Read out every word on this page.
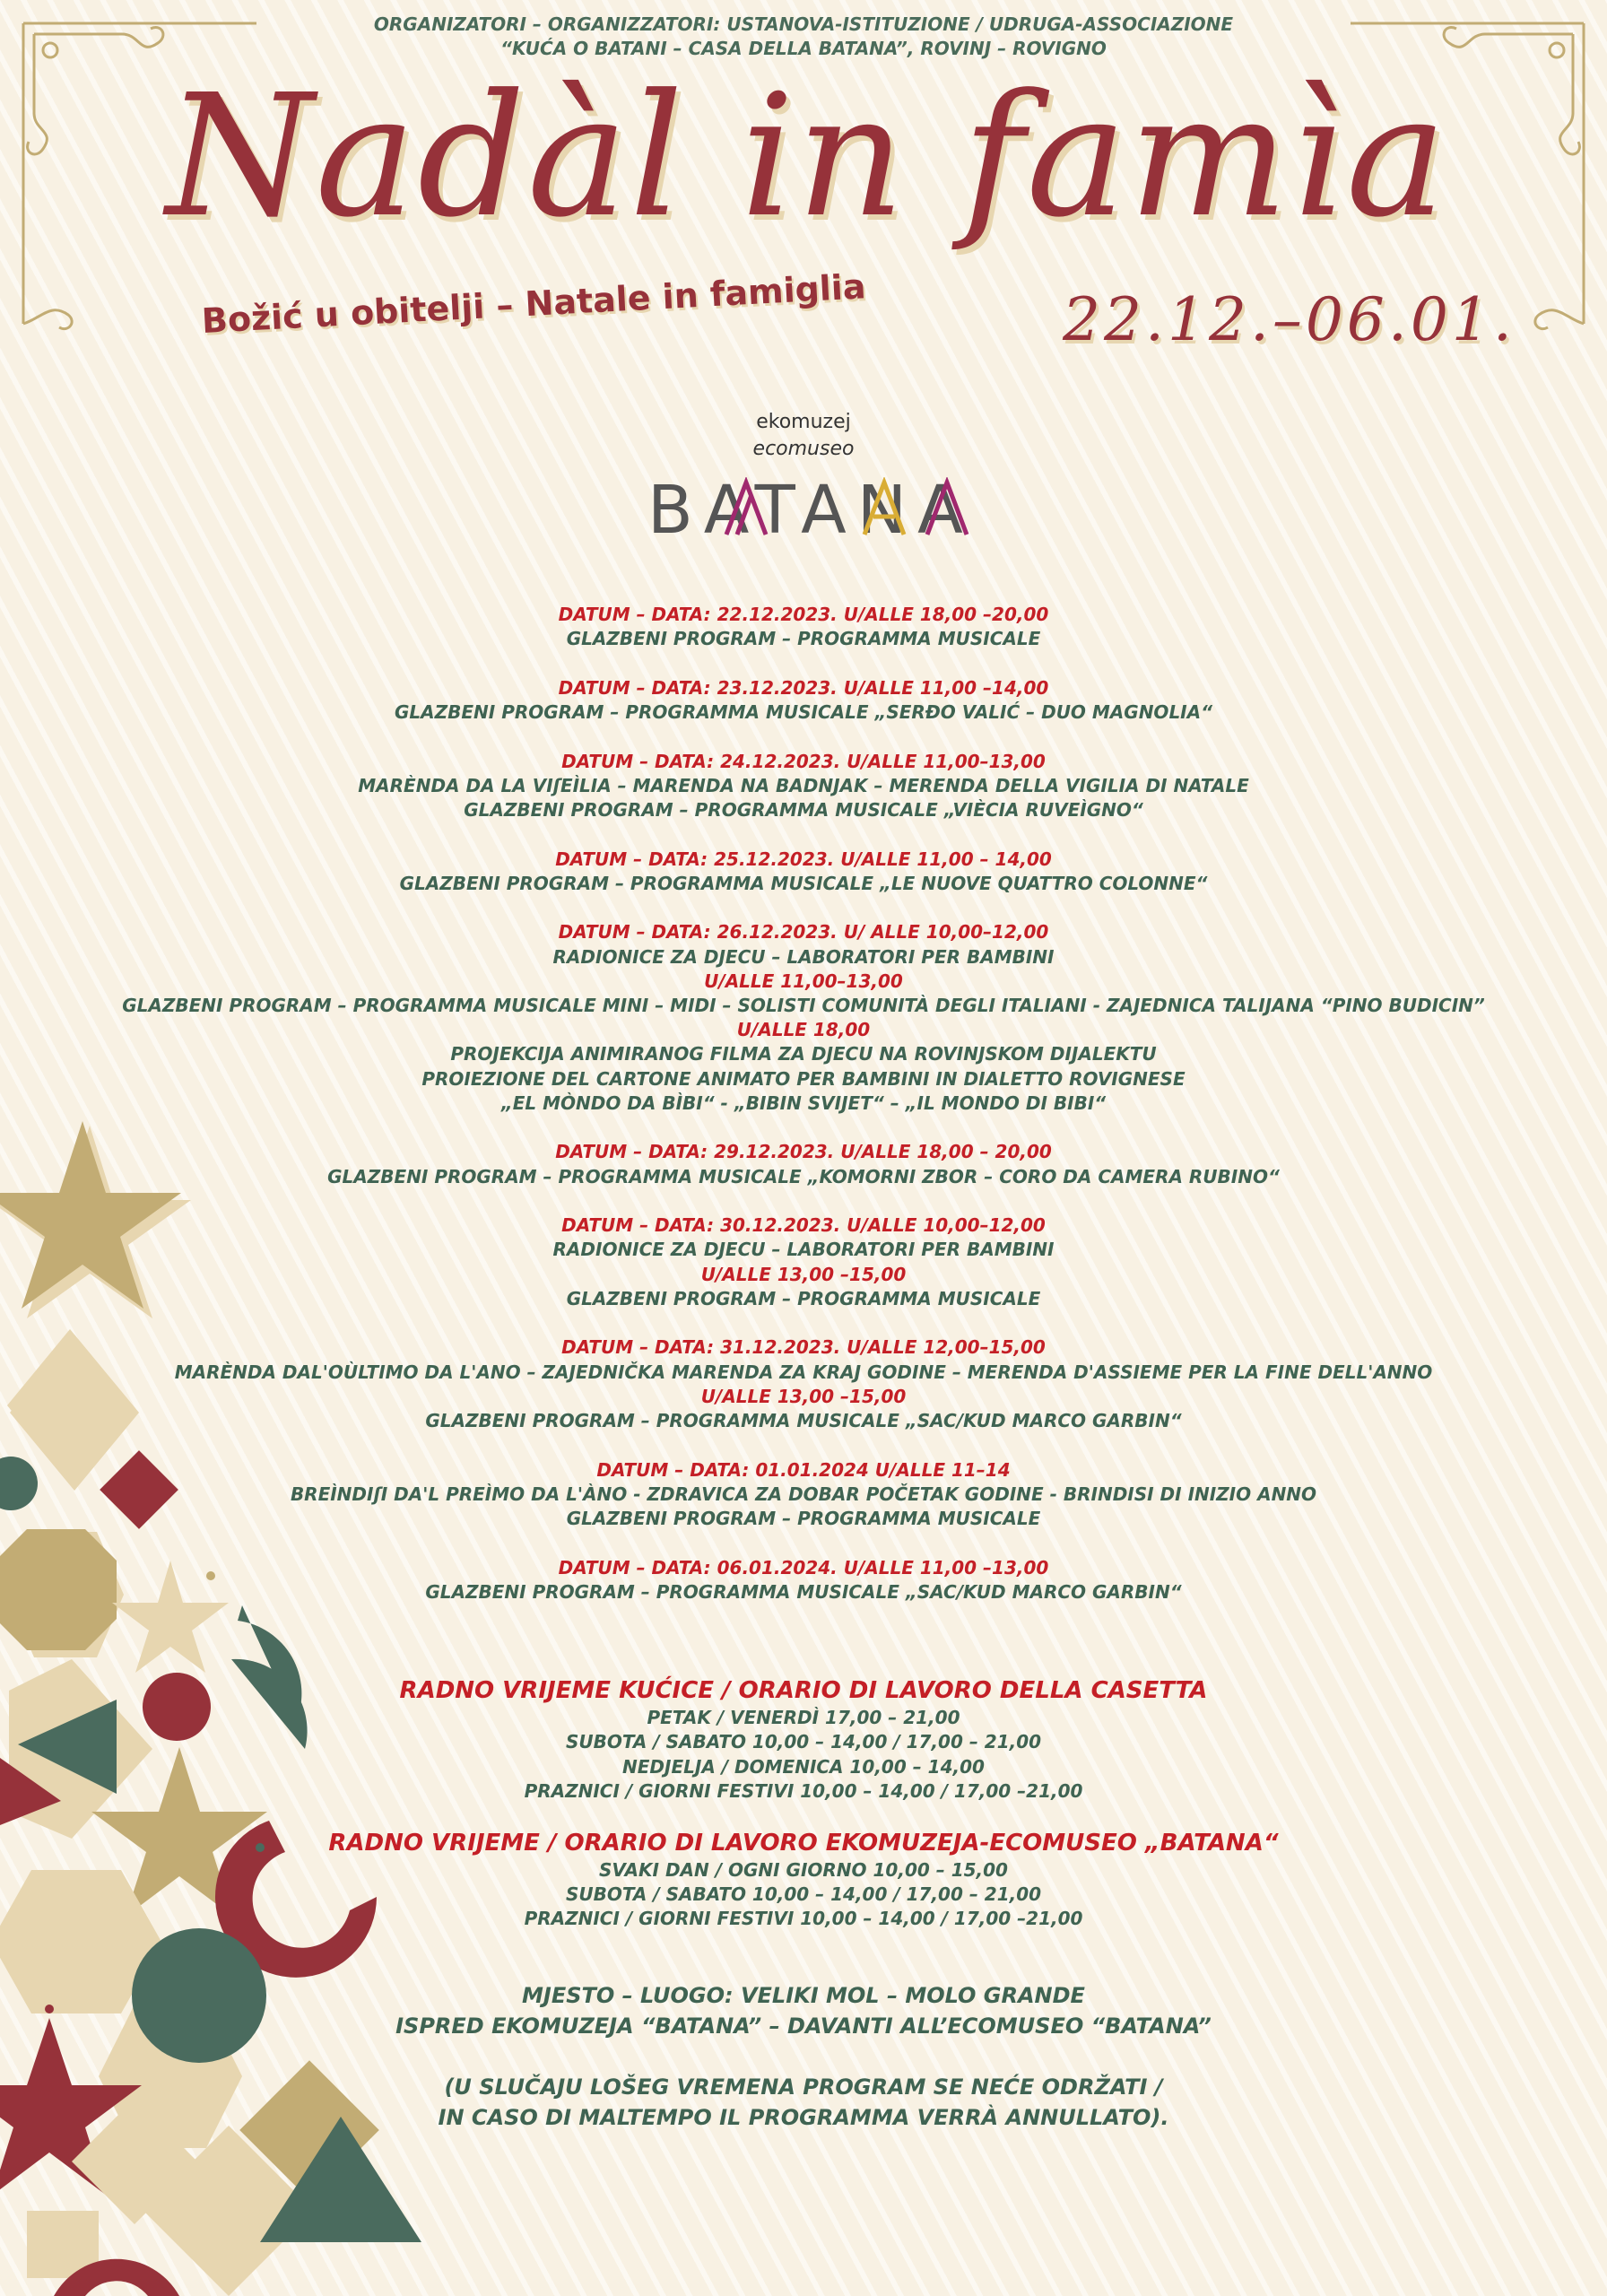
ORGANIZATORI – ORGANIZZATORI: USTANOVA-ISTITUZIONE / UDRUGA-ASSOCIAZIONE
“KUĆA O BATANI – CASA DELLA BATANA”, ROVINJ – ROVIGNO
Nadàl in famìa
Božić u obitelji – Natale in famiglia	22.12.–06.01.
ekomuzej
ecomuseo
BATANA
DATUM – DATA: 22.12.2023. U/ALLE 18,00 –20,00
GLAZBENI PROGRAM – PROGRAMMA MUSICALE
DATUM – DATA: 23.12.2023. U/ALLE 11,00 –14,00
GLAZBENI PROGRAM – PROGRAMMA MUSICALE „SERĐO VALIĆ – DUO MAGNOLIA“
DATUM – DATA: 24.12.2023. U/ALLE 11,00–13,00
MARÈNDA DA LA VIʃEÌLIA – MARENDA NA BADNJAK – MERENDA DELLA VIGILIA DI NATALE
GLAZBENI PROGRAM – PROGRAMMA MUSICALE „VIÈCIA RUVEÌGNO“
DATUM – DATA: 25.12.2023. U/ALLE 11,00 – 14,00
GLAZBENI PROGRAM – PROGRAMMA MUSICALE „LE NUOVE QUATTRO COLONNE“
DATUM – DATA: 26.12.2023. U/ ALLE 10,00–12,00
RADIONICE ZA DJECU – LABORATORI PER BAMBINI
U/ALLE 11,00–13,00
GLAZBENI PROGRAM – PROGRAMMA MUSICALE MINI – MIDI – SOLISTI COMUNITÀ DEGLI ITALIANI - ZAJEDNICA TALIJANA “PINO BUDICIN”
U/ALLE 18,00
PROJEKCIJA ANIMIRANOG FILMA ZA DJECU NA ROVINJSKOM DIJALEKTU
PROIEZIONE DEL CARTONE ANIMATO PER BAMBINI IN DIALETTO ROVIGNESE
„EL MÒNDO DA BÌBI“ - „BIBIN SVIJET“ – „IL MONDO DI BIBI“
DATUM – DATA: 29.12.2023. U/ALLE 18,00 – 20,00
GLAZBENI PROGRAM – PROGRAMMA MUSICALE „KOMORNI ZBOR – CORO DA CAMERA RUBINO“
DATUM – DATA: 30.12.2023. U/ALLE 10,00–12,00
RADIONICE ZA DJECU – LABORATORI PER BAMBINI
U/ALLE 13,00 –15,00
GLAZBENI PROGRAM – PROGRAMMA MUSICALE
DATUM – DATA: 31.12.2023. U/ALLE 12,00–15,00
MARÈNDA DAL'OÙLTIMO DA L'ANO – ZAJEDNIČKA MARENDA ZA KRAJ GODINE – MERENDA D'ASSIEME PER LA FINE DELL'ANNO
U/ALLE 13,00 –15,00
GLAZBENI PROGRAM – PROGRAMMA MUSICALE „SAC/KUD MARCO GARBIN“
DATUM – DATA: 01.01.2024 U/ALLE 11–14
BREÌNDIʃI DA'L PREÌMO DA L'ÀNO - ZDRAVICA ZA DOBAR POČETAK GODINE - BRINDISI DI INIZIO ANNO
GLAZBENI PROGRAM – PROGRAMMA MUSICALE
DATUM – DATA: 06.01.2024. U/ALLE 11,00 –13,00
GLAZBENI PROGRAM – PROGRAMMA MUSICALE „SAC/KUD MARCO GARBIN“
RADNO VRIJEME KUĆICE / ORARIO DI LAVORO DELLA CASETTA
PETAK / VENERDÌ 17,00 – 21,00
SUBOTA / SABATO 10,00 – 14,00 / 17,00 – 21,00
NEDJELJA / DOMENICA 10,00 – 14,00
PRAZNICI / GIORNI FESTIVI 10,00 – 14,00 / 17,00 –21,00
RADNO VRIJEME / ORARIO DI LAVORO EKOMUZEJA-ECOMUSEO „BATANA“
SVAKI DAN / OGNI GIORNO 10,00 – 15,00
SUBOTA / SABATO 10,00 – 14,00 / 17,00 – 21,00
PRAZNICI / GIORNI FESTIVI 10,00 – 14,00 / 17,00 –21,00
MJESTO – LUOGO: VELIKI MOL – MOLO GRANDE
ISPRED EKOMUZEJA “BATANA” – DAVANTI ALL’ECOMUSEO “BATANA”
(U SLUČAJU LOŠEG VREMENA PROGRAM SE NEĆE ODRŽATI /
IN CASO DI MALTEMPO IL PROGRAMMA VERRÀ ANNULLATO).
